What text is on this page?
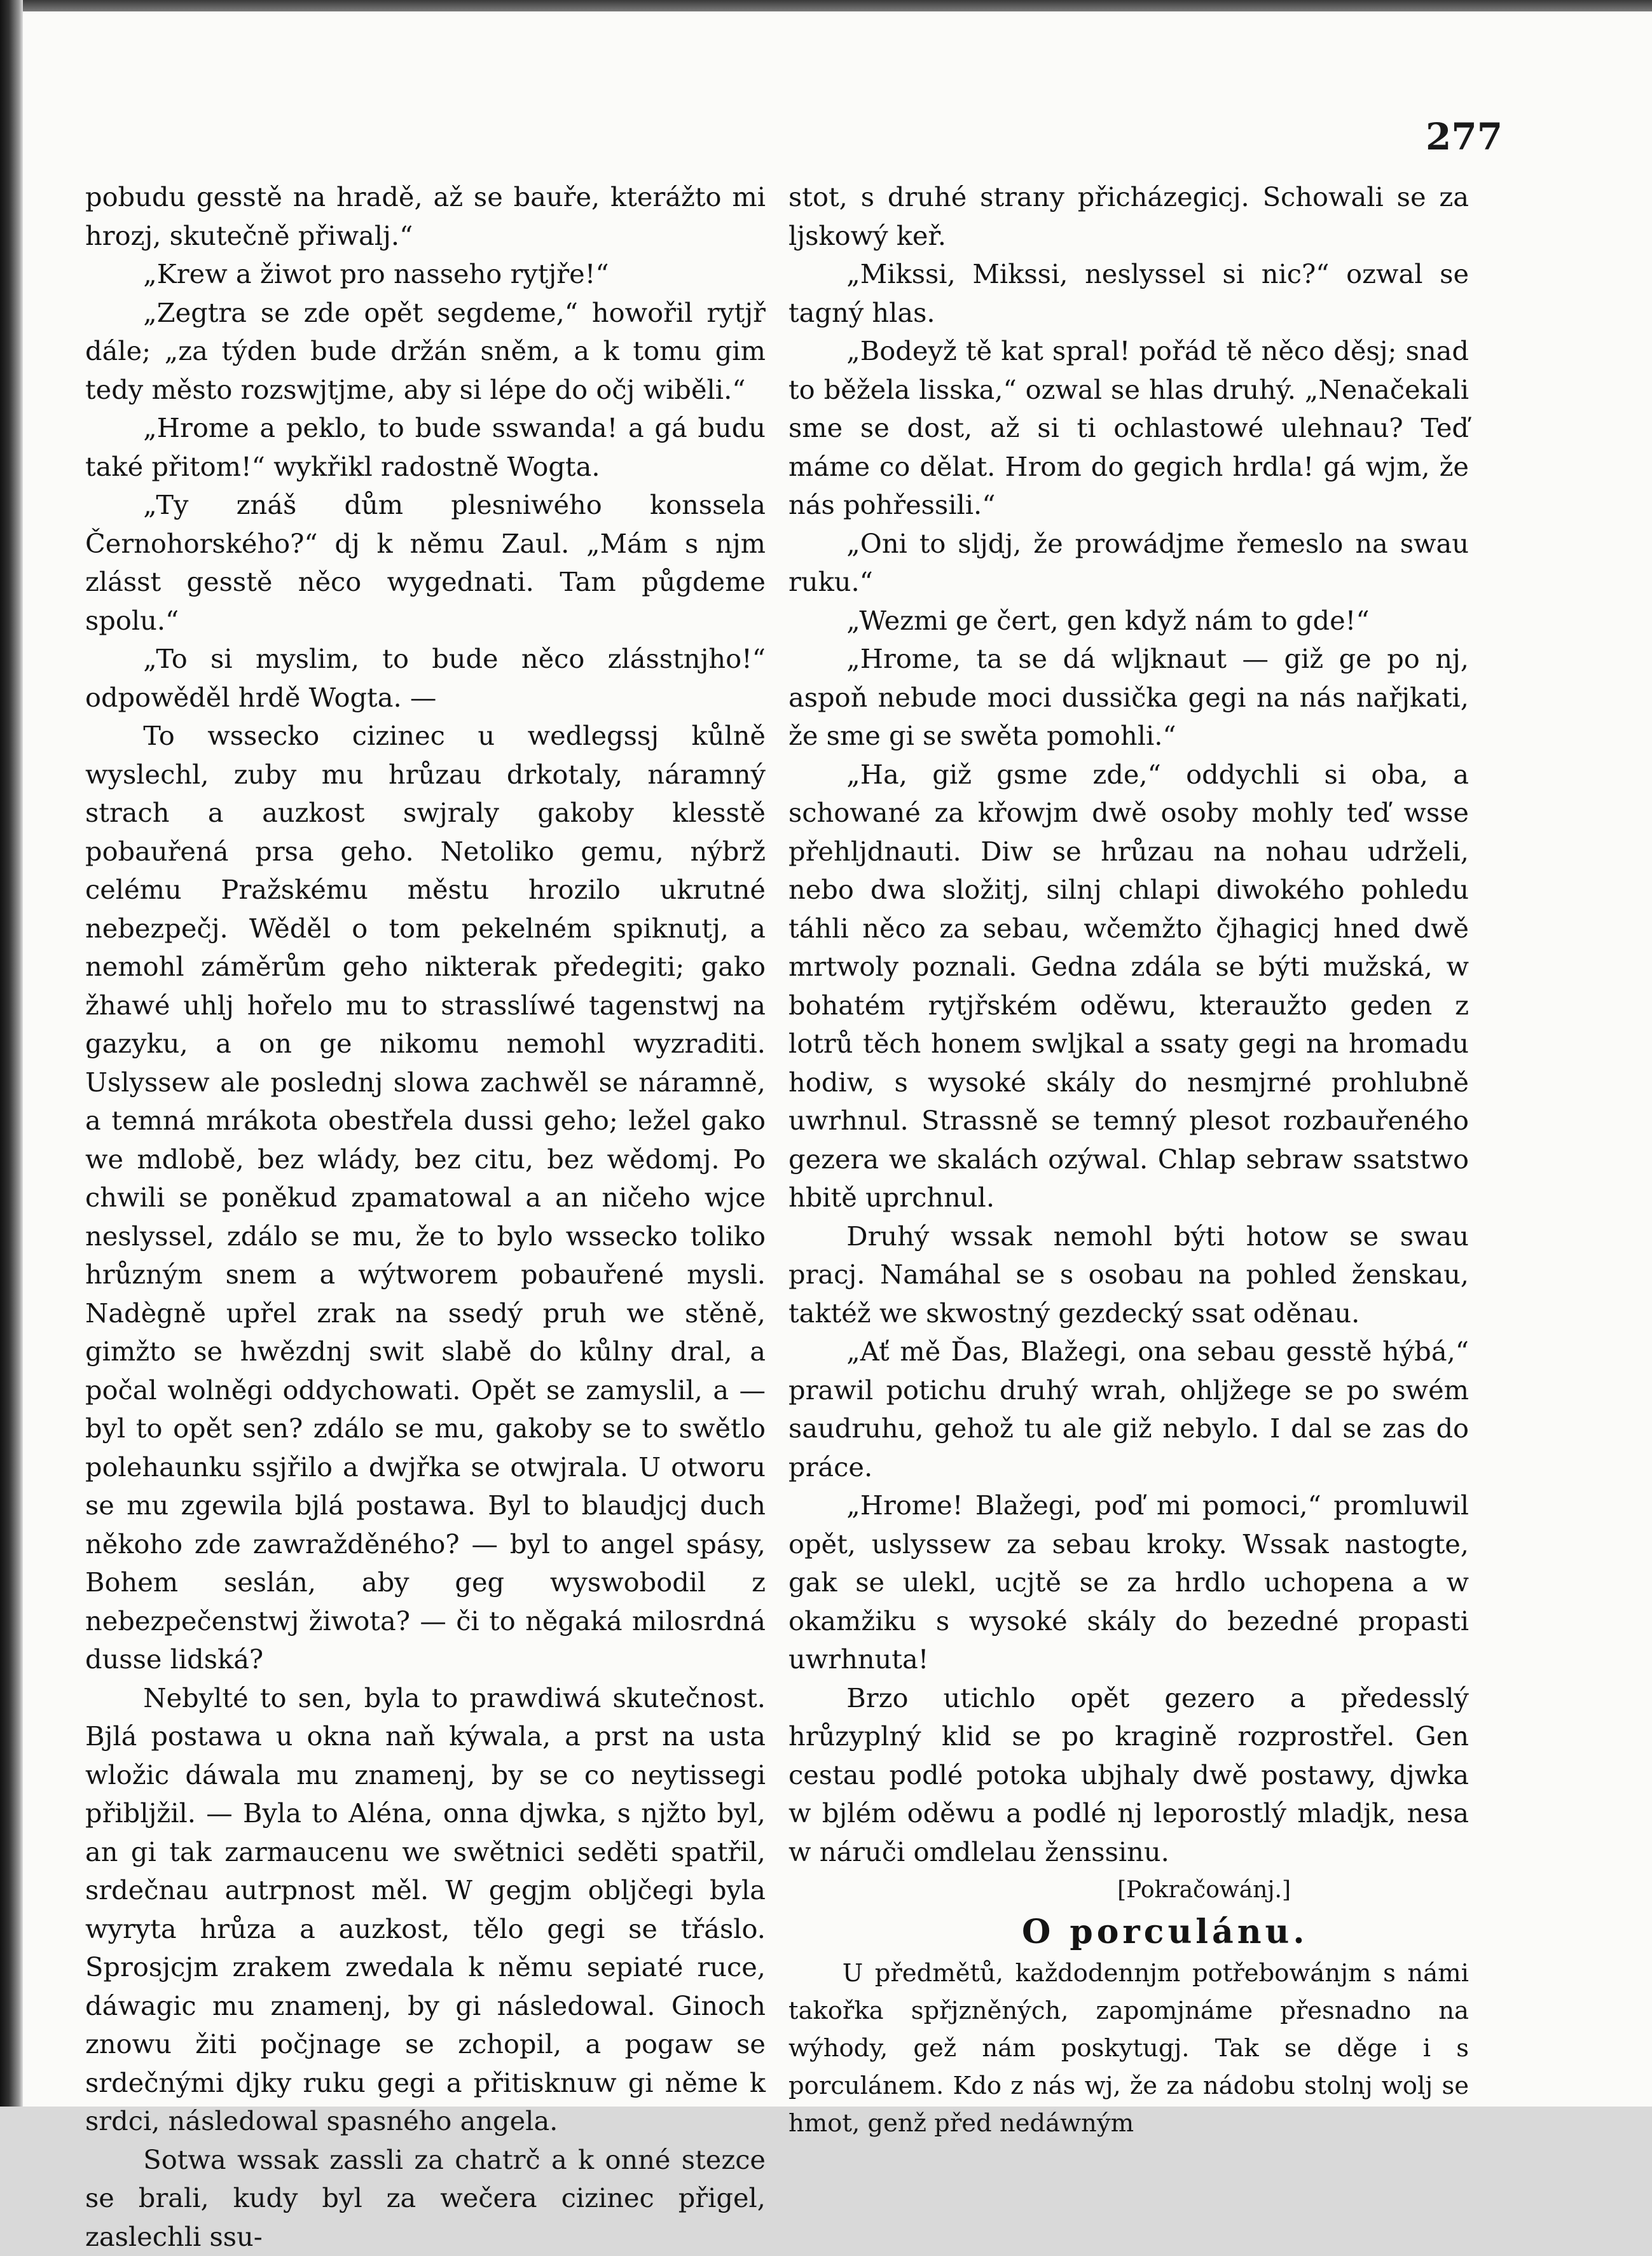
277

pobudu gesstě na hradě, až se bauře, kterážto mi hrozj, skutečně přiwalj.“

„Krew a žiwot pro nasseho rytjře!“

„Zegtra se zde opět segdeme,“ howořil rytjř dále; „za týden bude držán sněm, a k tomu gim tedy město rozswjtjme, aby si lépe do očj wiběli.“

„Hrome a peklo, to bude sswanda! a gá budu také přitom!“ wykřikl radostně Wogta.

„Ty znáš dům plesniwého konssela Černohorského?“ dj k němu Zaul. „Mám s njm zlásst gesstě něco wygednati. Tam půgdeme spolu.“

„To si myslim, to bude něco zlásstnjho!“ odpowěděl hrdě Wogta. —

To wssecko cizinec u wedlegssj kůlně wyslechl, zuby mu hrůzau drkotaly, náramný strach a auzkost swjraly gakoby klesstě pobauřená prsa geho. Netoliko gemu, nýbrž celému Pražskému městu hrozilo ukrutné nebezpečj. Wěděl o tom pekelném spiknutj, a nemohl záměrům geho nikterak předegiti; gako žhawé uhlj hořelo mu to strasslíwé tagenstwj na gazyku, a on ge nikomu nemohl wyzraditi. Uslyssew ale poslednj slowa zachwěl se náramně, a temná mrákota obestřela dussi geho; ležel gako we mdlobě, bez wlády, bez citu, bez wědomj. Po chwili se poněkud zpamatowal a an ničeho wjce neslyssel, zdálo se mu, že to bylo wssecko toliko hrůzným snem a wýtworem pobauřené mysli. Nadègně upřel zrak na ssedý pruh we stěně, gimžto se hwězdnj swit slabě do kůlny dral, a počal wolněgi oddychowati. Opět se zamyslil, a — byl to opět sen? zdálo se mu, gakoby se to swětlo polehaunku ssjřilo a dwjřka se otwjrala. U otworu se mu zgewila bjlá postawa. Byl to blaudjcj duch někoho zde zawražděného? — byl to angel spásy, Bohem seslán, aby geg wyswobodil z nebezpečenstwj žiwota? — či to něgaká milosrdná dusse lidská?

Nebylté to sen, byla to prawdiwá skutečnost. Bjlá postawa u okna naň kýwala, a prst na usta wložic dáwala mu znamenj, by se co neytissegi přiblјžil. — Byla to Aléna, onna djwka, s njžto byl, an gi tak zarmaucenu we swětnici seděti spatřil, srdečnau autrpnost měl. W gegjm oblјčegi byla wyryta hrůza a auzkost, tělo gegi se třáslo. Sprosjcjm zrakem zwedala k němu sepiaté ruce, dáwagic mu znamenj, by gi následowal. Ginoch znowu žiti počjnage se zchopil, a pogaw se srdečnými djky ruku gegi a přitisknuw gi něme k srdci, následowal spasného angela.

Sotwa wssak zassli za chatrč a k onné stezce se brali, kudy byl za wečera cizinec přigel, zaslechli ssu-

stot, s druhé strany přicházegicj. Schowali se za ljskowý keř.

„Mikssi, Mikssi, neslyssel si nic?“ ozwal se tagný hlas.

„Bodeyž tě kat spral! pořád tě něco děsj; snad to běžela lisska,“ ozwal se hlas druhý. „Nenačekali sme se dost, až si ti ochlastowé ulehnau? Teď máme co dělat. Hrom do gegich hrdla! gá wjm, že nás pohřessili.“

„Oni to sljdj, že prowádjme řemeslo na swau ruku.“

„Wezmi ge čert, gen když nám to gde!“

„Hrome, ta se dá wljknaut — giž ge po nj, aspoň nebude moci dussička gegi na nás nařjkati, že sme gi se swěta pomohli.“

„Ha, giž gsme zde,“ oddychli si oba, a schowané za křowjm dwě osoby mohly teď wsse přehljdnauti. Diw se hrůzau na nohau udrželi, nebo dwa složitj, silnj chlapi diwokého pohledu táhli něco za sebau, wčemžto čjhagicj hned dwě mrtwoly poznali. Gedna zdála se býti mužská, w bohatém rytjřském oděwu, kteraužto geden z lotrů těch honem swljkal a ssaty gegi na hromadu hodiw, s wysoké skály do nesmjrné prohlubně uwrhnul. Strassně se temný plesot rozbauřeného gezera we skalách ozýwal. Chlap sebraw ssatstwo hbitě uprchnul.

Druhý wssak nemohl býti hotow se swau pracj. Namáhal se s osobau na pohled ženskau, taktéž we skwostný gezdecký ssat oděnau.

„Ať mě Ďas, Blažegi, ona sebau gesstě hýbá,“ prawil potichu druhý wrah, ohljžege se po swém saudruhu, gehož tu ale giž nebylo. I dal se zas do práce.

„Hrome! Blažegi, poď mi pomoci,“ promluwil opět, uslyssew za sebau kroky. Wssak nastogte, gak se ulekl, ucjtě se za hrdlo uchopena a w okamžiku s wysoké skály do bezedné propasti uwrhnuta!

Brzo utichlo opět gezero a předesslý hrůzyplný klid se po kragině rozprostřel. Gen cestau podlé potoka ubjhaly dwě postawy, djwka w bjlém oděwu a podlé nj leporostlý mladjk, nesa w náruči omdlelau ženssinu.

[Pokračowánj.]

O porculánu.

U předmětů, každodennjm potřebowánjm s námi takořka spřjzněných, zapomjnáme přesnadno na wýhody, gež nám poskytugj. Tak se děge i s porculánem. Kdo z nás wj, že za nádobu stolnj wolj se hmot, genž před nedáwným
